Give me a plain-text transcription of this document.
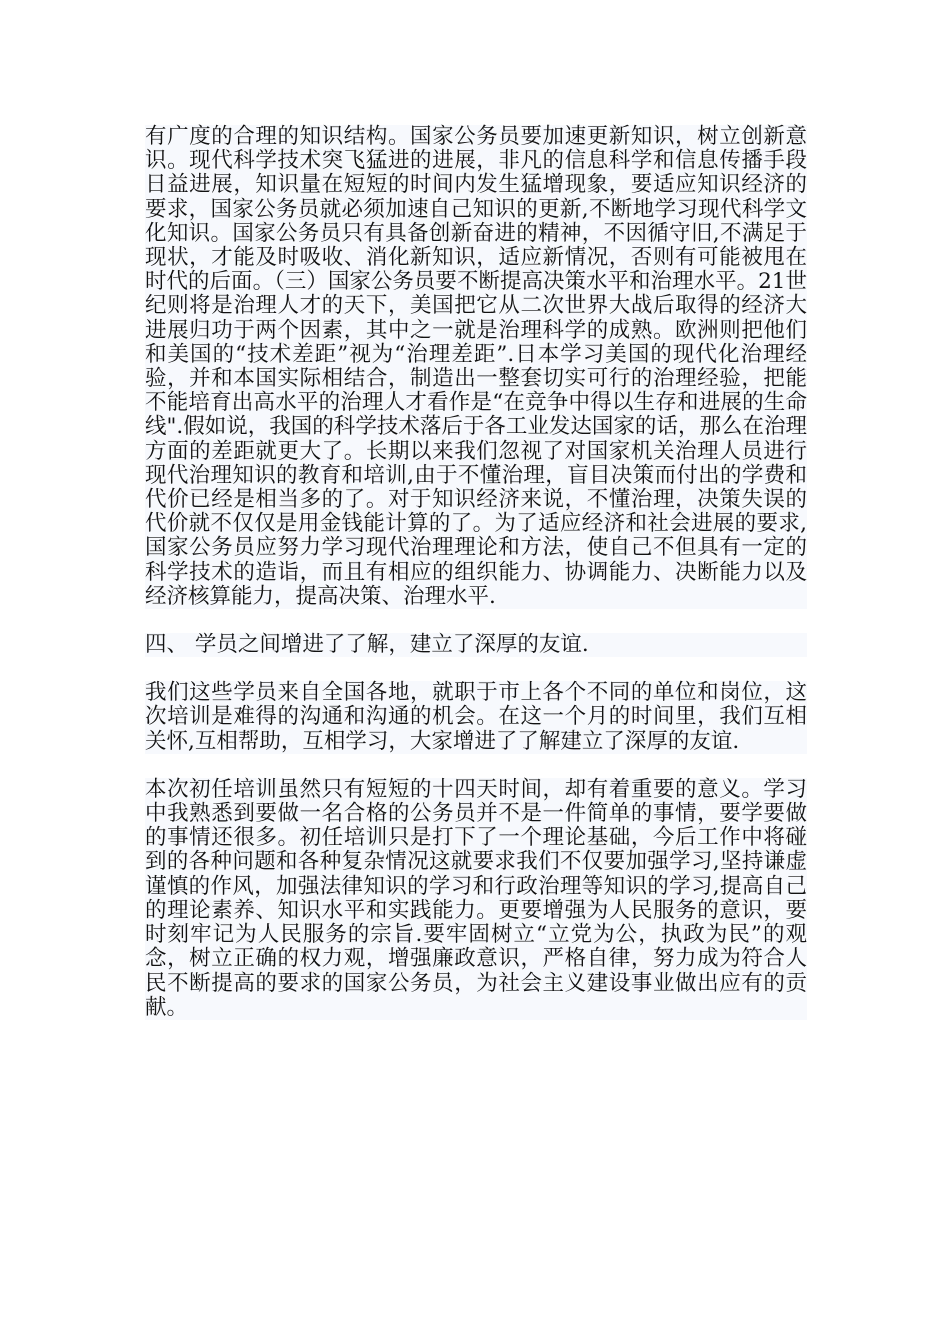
有广度的合理的知识结构。国家公务员要加速更新知识，树立创新意识。现代科学技术突飞猛进的进展，非凡的信息科学和信息传播手段日益进展，知识量在短短的时间内发生猛增现象，要适应知识经济的要求，国家公务员就必须加速自己知识的更新,不断地学习现代科学文化知识。国家公务员只有具备创新奋进的精神，不因循守旧,不满足于现状，才能及时吸收、消化新知识，适应新情况，否则有可能被甩在时代的后面。（三）国家公务员要不断提高决策水平和治理水平。21世纪则将是治理人才的天下，美国把它从二次世界大战后取得的经济大进展归功于两个因素，其中之一就是治理科学的成熟。欧洲则把他们和美国的“技术差距”视为“治理差距”.日本学习美国的现代化治理经验，并和本国实际相结合，制造出一整套切实可行的治理经验，把能不能培育出高水平的治理人才看作是“在竞争中得以生存和进展的生命线".假如说，我国的科学技术落后于各工业发达国家的话，那么在治理方面的差距就更大了。长期以来我们忽视了对国家机关治理人员进行现代治理知识的教育和培训,由于不懂治理，盲目决策而付出的学费和代价已经是相当多的了。对于知识经济来说，不懂治理，决策失误的代价就不仅仅是用金钱能计算的了。为了适应经济和社会进展的要求,国家公务员应努力学习现代治理理论和方法，使自己不但具有一定的科学技术的造诣，而且有相应的组织能力、协调能力、决断能力以及经济核算能力，提高决策、治理水平.

四、 学员之间增进了了解，建立了深厚的友谊.

我们这些学员来自全国各地，就职于市上各个不同的单位和岗位，这次培训是难得的沟通和沟通的机会。在这一个月的时间里，我们互相关怀,互相帮助，互相学习，大家增进了了解建立了深厚的友谊.

本次初任培训虽然只有短短的十四天时间，却有着重要的意义。学习中我熟悉到要做一名合格的公务员并不是一件简单的事情，要学要做的事情还很多。初任培训只是打下了一个理论基础，今后工作中将碰到的各种问题和各种复杂情况这就要求我们不仅要加强学习,坚持谦虚谨慎的作风，加强法律知识的学习和行政治理等知识的学习,提高自己的理论素养、知识水平和实践能力。更要增强为人民服务的意识，要时刻牢记为人民服务的宗旨.要牢固树立“立党为公，执政为民”的观念，树立正确的权力观，增强廉政意识，严格自律，努力成为符合人民不断提高的要求的国家公务员，为社会主义建设事业做出应有的贡献。
